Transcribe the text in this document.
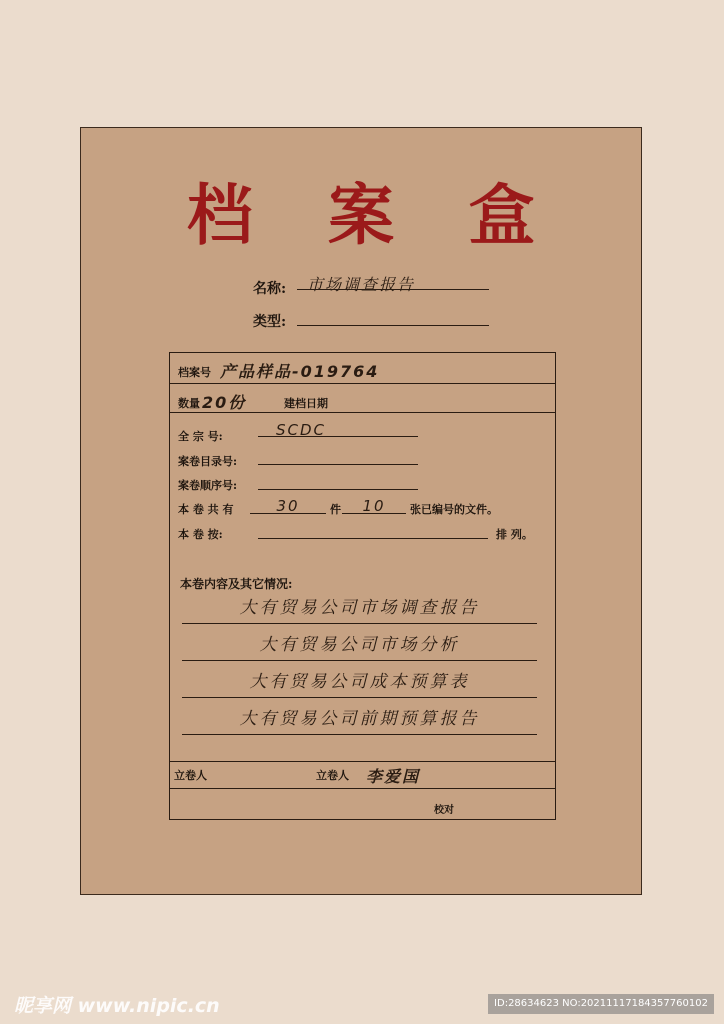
档 案 盒
名称:	市场调查报告
类型:
档案号 产品样品-019764
数量 20份	建档日期
全 宗 号:	SCDC
案卷目录号:
案卷顺序号:
本 卷 共 有	30	件	10	张已编号的文件。
本 卷 按:	排 列。
本卷内容及其它情况:
大有贸易公司市场调查报告
大有贸易公司市场分析
大有贸易公司成本预算表
大有贸易公司前期预算报告
立卷人	立卷人 李爱国
校对
昵享网 www.nipic.cn	ID:28634623 NO:20211117184357760102
